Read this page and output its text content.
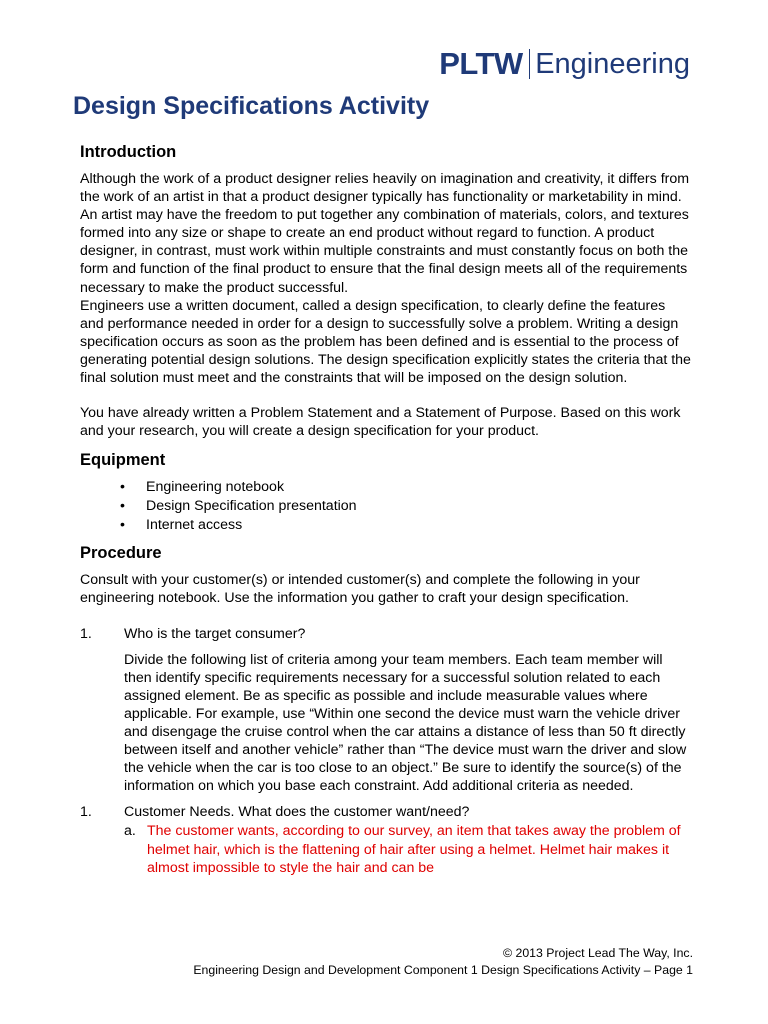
PLTW Engineering
Design Specifications Activity
Introduction

Although the work of a product designer relies heavily on imagination and creativity, it differs from the work of an artist in that a product designer typically has functionality or marketability in mind. An artist may have the freedom to put together any combination of materials, colors, and textures formed into any size or shape to create an end product without regard to function. A product designer, in contrast, must work within multiple constraints and must constantly focus on both the form and function of the final product to ensure that the final design meets all of the requirements necessary to make the product successful.

Engineers use a written document, called a design specification, to clearly define the features and performance needed in order for a design to successfully solve a problem. Writing a design specification occurs as soon as the problem has been defined and is essential to the process of generating potential design solutions. The design specification explicitly states the criteria that the final solution must meet and the constraints that will be imposed on the design solution.

You have already written a Problem Statement and a Statement of Purpose. Based on this work and your research, you will create a design specification for your product.

Equipment
• Engineering notebook
• Design Specification presentation
• Internet access
Procedure

Consult with your customer(s) or intended customer(s) and complete the following in your engineering notebook. Use the information you gather to craft your design specification.

1. Who is the target consumer?

Divide the following list of criteria among your team members. Each team member will then identify specific requirements necessary for a successful solution related to each assigned element. Be as specific as possible and include measurable values where applicable. For example, use “Within one second the device must warn the vehicle driver and disengage the cruise control when the car attains a distance of less than 50 ft directly between itself and another vehicle” rather than “The device must warn the driver and slow the vehicle when the car is too close to an object.” Be sure to identify the source(s) of the information on which you base each constraint. Add additional criteria as needed.

1. Customer Needs. What does the customer want/need?

a. The customer wants, according to our survey, an item that takes away the problem of helmet hair, which is the flattening of hair after using a helmet. Helmet hair makes it almost impossible to style the hair and can be

© 2013 Project Lead The Way, Inc.
Engineering Design and Development Component 1 Design Specifications Activity – Page 1
